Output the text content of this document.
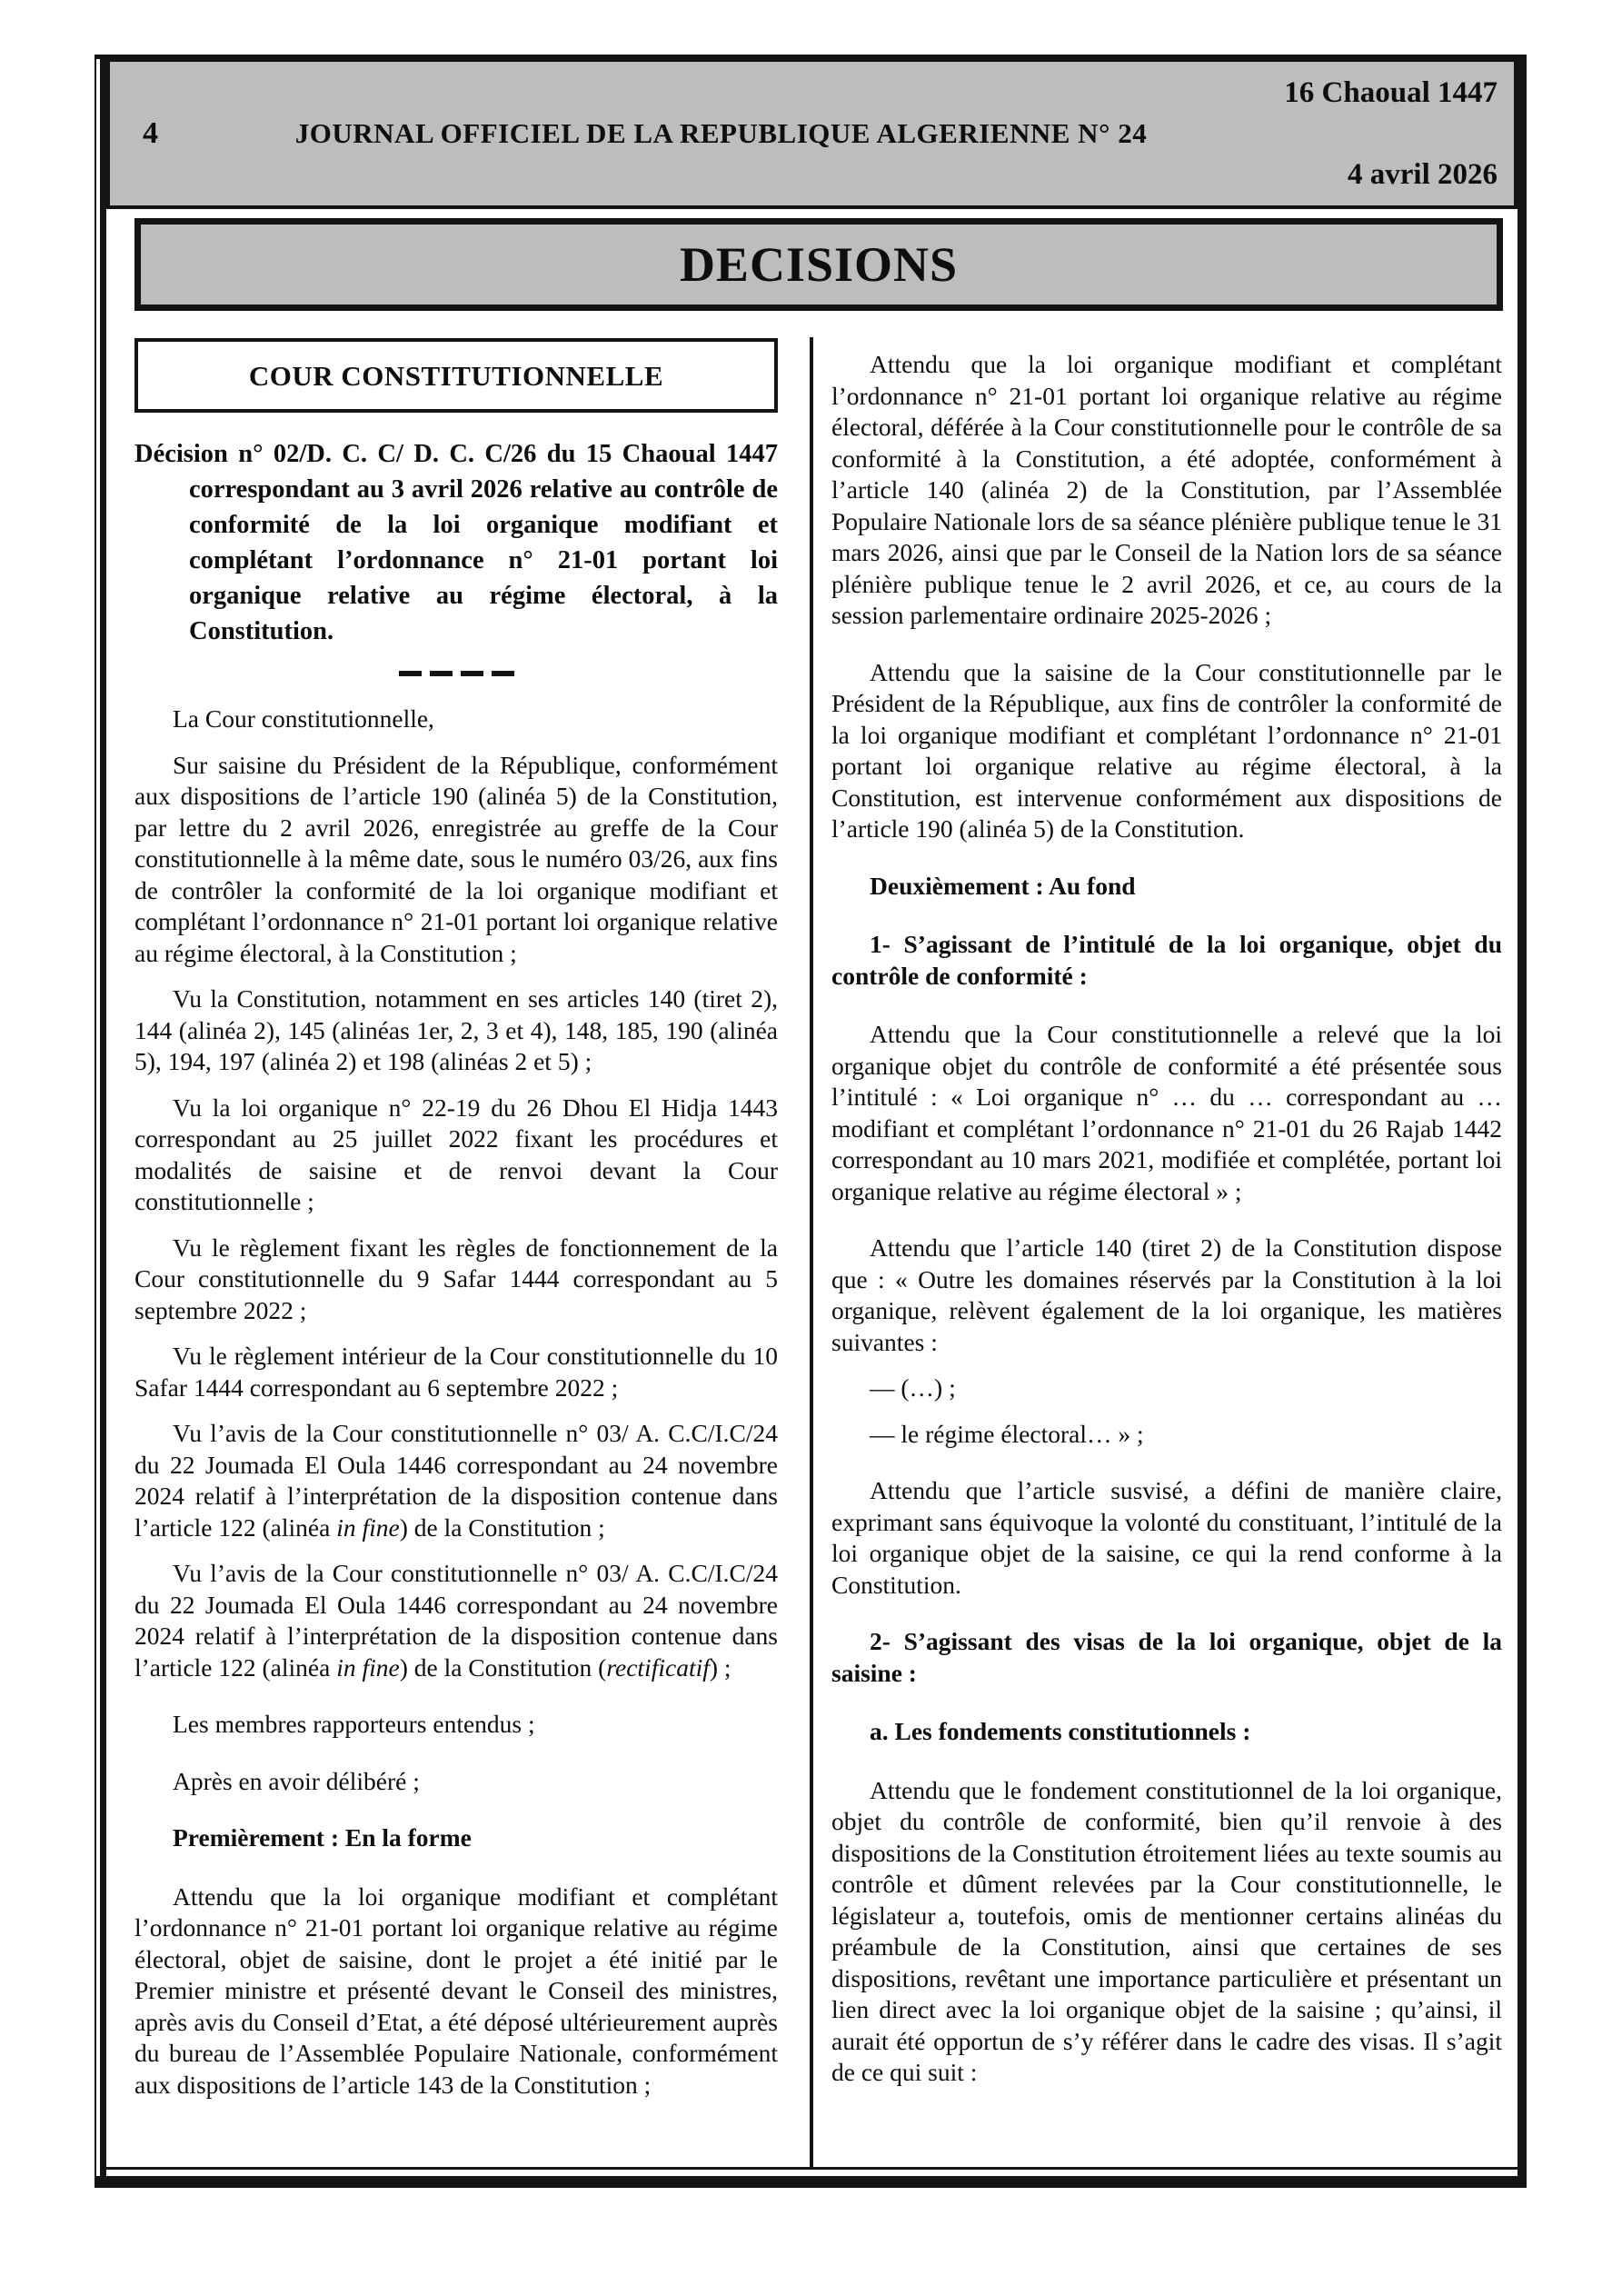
4	JOURNAL OFFICIEL DE LA REPUBLIQUE ALGERIENNE N° 24
16 Chaoual 1447
4 avril 2026
DECISIONS
COUR CONSTITUTIONNELLE

Décision n° 02/D. C. C/ D. C. C/26 du 15 Chaoual 1447 correspondant au 3 avril 2026 relative au contrôle de conformité de la loi organique modifiant et complétant l’ordonnance n° 21-01 portant loi organique relative au régime électoral, à la Constitution.

La Cour constitutionnelle,

Sur saisine du Président de la République, conformément aux dispositions de l’article 190 (alinéa 5) de la Constitution, par lettre du 2 avril 2026, enregistrée au greffe de la Cour constitutionnelle à la même date, sous le numéro 03/26, aux fins de contrôler la conformité de la loi organique modifiant et complétant l’ordonnance n° 21-01 portant loi organique relative au régime électoral, à la Constitution ;

Vu la Constitution, notamment en ses articles 140 (tiret 2), 144 (alinéa 2), 145 (alinéas 1er, 2, 3 et 4), 148, 185, 190 (alinéa 5), 194, 197 (alinéa 2) et 198 (alinéas 2 et 5) ;

Vu la loi organique n° 22-19 du 26 Dhou El Hidja 1443 correspondant au 25 juillet 2022 fixant les procédures et modalités de saisine et de renvoi devant la Cour constitutionnelle ;

Vu le règlement fixant les règles de fonctionnement de la Cour constitutionnelle du 9 Safar 1444 correspondant au 5 septembre 2022 ;

Vu le règlement intérieur de la Cour constitutionnelle du 10 Safar 1444 correspondant au 6 septembre 2022 ;

Vu l’avis de la Cour constitutionnelle n° 03/ A. C.C/I.C/24 du 22 Joumada El Oula 1446 correspondant au 24 novembre 2024 relatif à l’interprétation de la disposition contenue dans l’article 122 (alinéa in fine) de la Constitution ;

Vu l’avis de la Cour constitutionnelle n° 03/ A. C.C/I.C/24 du 22 Joumada El Oula 1446 correspondant au 24 novembre 2024 relatif à l’interprétation de la disposition contenue dans l’article 122 (alinéa in fine) de la Constitution (rectificatif) ;

Les membres rapporteurs entendus ;

Après en avoir délibéré ;

Premièrement : En la forme

Attendu que la loi organique modifiant et complétant l’ordonnance n° 21-01 portant loi organique relative au régime électoral, objet de saisine, dont le projet a été initié par le Premier ministre et présenté devant le Conseil des ministres, après avis du Conseil d’Etat, a été déposé ultérieurement auprès du bureau de l’Assemblée Populaire Nationale, conformément aux dispositions de l’article 143 de la Constitution ;

Attendu que la loi organique modifiant et complétant l’ordonnance n° 21-01 portant loi organique relative au régime électoral, déférée à la Cour constitutionnelle pour le contrôle de sa conformité à la Constitution, a été adoptée, conformément à l’article 140 (alinéa 2) de la Constitution, par l’Assemblée Populaire Nationale lors de sa séance plénière publique tenue le 31 mars 2026, ainsi que par le Conseil de la Nation lors de sa séance plénière publique tenue le 2 avril 2026, et ce, au cours de la session parlementaire ordinaire 2025-2026 ;

Attendu que la saisine de la Cour constitutionnelle par le Président de la République, aux fins de contrôler la conformité de la loi organique modifiant et complétant l’ordonnance n° 21-01 portant loi organique relative au régime électoral, à la Constitution, est intervenue conformément aux dispositions de l’article 190 (alinéa 5) de la Constitution.

Deuxièmement : Au fond

1- S’agissant de l’intitulé de la loi organique, objet du contrôle de conformité :

Attendu que la Cour constitutionnelle a relevé que la loi organique objet du contrôle de conformité a été présentée sous l’intitulé : « Loi organique n° … du … correspondant au … modifiant et complétant l’ordonnance n° 21-01 du 26 Rajab 1442 correspondant au 10 mars 2021, modifiée et complétée, portant loi organique relative au régime électoral » ;

Attendu que l’article 140 (tiret 2) de la Constitution dispose que : « Outre les domaines réservés par la Constitution à la loi organique, relèvent également de la loi organique, les matières suivantes :

— (…) ;

— le régime électoral… » ;

Attendu que l’article susvisé, a défini de manière claire, exprimant sans équivoque la volonté du constituant, l’intitulé de la loi organique objet de la saisine, ce qui la rend conforme à la Constitution.

2- S’agissant des visas de la loi organique, objet de la saisine :

a. Les fondements constitutionnels :

Attendu que le fondement constitutionnel de la loi organique, objet du contrôle de conformité, bien qu’il renvoie à des dispositions de la Constitution étroitement liées au texte soumis au contrôle et dûment relevées par la Cour constitutionnelle, le législateur a, toutefois, omis de mentionner certains alinéas du préambule de la Constitution, ainsi que certaines de ses dispositions, revêtant une importance particulière et présentant un lien direct avec la loi organique objet de la saisine ; qu’ainsi, il aurait été opportun de s’y référer dans le cadre des visas. Il s’agit de ce qui suit :
